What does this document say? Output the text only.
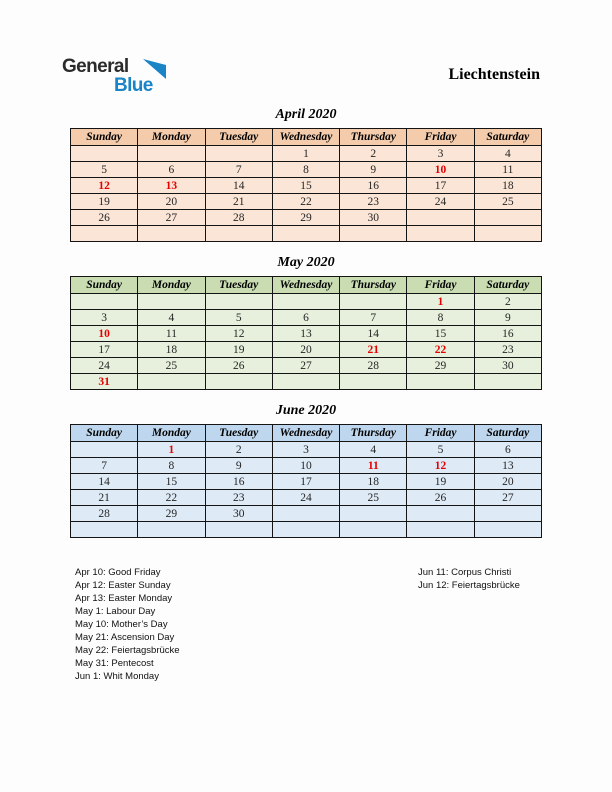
General
Blue
Liechtenstein
April 2020
Sunday	Monday	Tuesday	Wednesday	Thursday	Friday	Saturday
			1	2	3	4
5	6	7	8	9	10	11
12	13	14	15	16	17	18
19	20	21	22	23	24	25
26	27	28	29	30		

May 2020
Sunday	Monday	Tuesday	Wednesday	Thursday	Friday	Saturday
					1	2
3	4	5	6	7	8	9
10	11	12	13	14	15	16
17	18	19	20	21	22	23
24	25	26	27	28	29	30
31						
June 2020
Sunday	Monday	Tuesday	Wednesday	Thursday	Friday	Saturday
	1	2	3	4	5	6
7	8	9	10	11	12	13
14	15	16	17	18	19	20
21	22	23	24	25	26	27
28	29	30				

Apr 10: Good Friday
Apr 12: Easter Sunday
Apr 13: Easter Monday
May 1: Labour Day
May 10: Mother’s Day
May 21: Ascension Day
May 22: Feiertagsbrücke
May 31: Pentecost
Jun 1: Whit Monday
Jun 11: Corpus Christi
Jun 12: Feiertagsbrücke
